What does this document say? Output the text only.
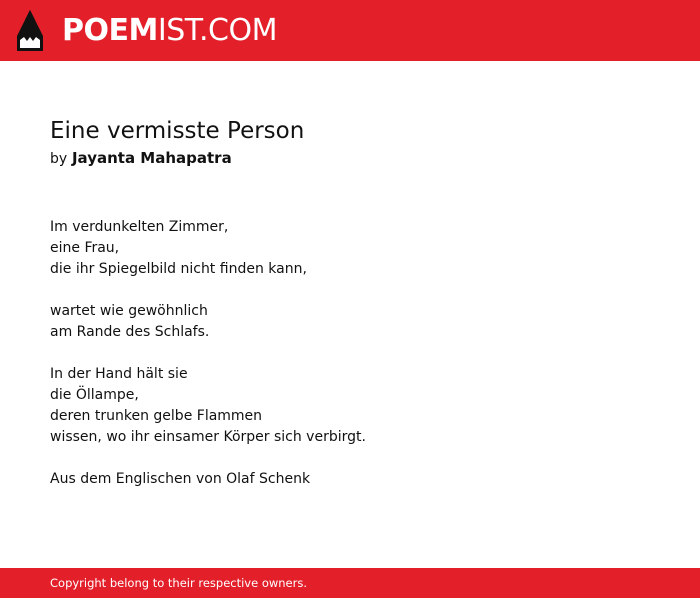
POEMIST.COM
Eine vermisste Person
by Jayanta Mahapatra

Im verdunkelten Zimmer,
eine Frau,
die ihr Spiegelbild nicht finden kann,

wartet wie gewöhnlich
am Rande des Schlafs.

In der Hand hält sie
die Öllampe,
deren trunken gelbe Flammen
wissen, wo ihr einsamer Körper sich verbirgt.

Aus dem Englischen von Olaf Schenk

Copyright belong to their respective owners.
